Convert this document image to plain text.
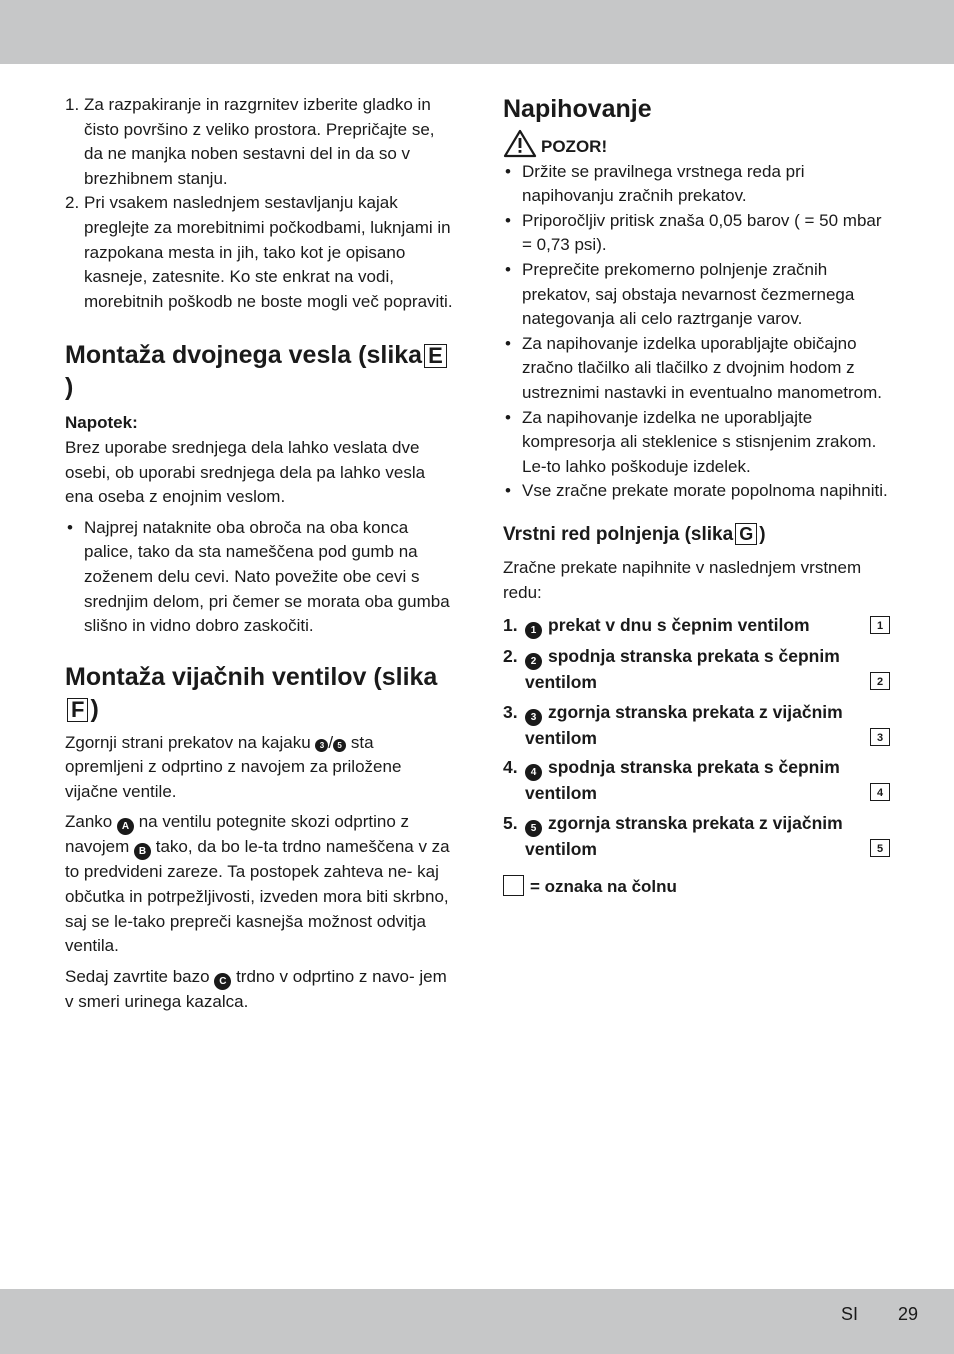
1. Za razpakiranje in razgrnitev izberite gladko in čisto površino z veliko prostora. Prepričajte se, da ne manjka noben sestavni del in da so v brezhibnem stanju.

2. Pri vsakem naslednjem sestavljanju kajak preglejte za morebitnimi počkodbami, luknjami in razpokana mesta in jih, tako kot je opisano kasneje, zatesnite. Ko ste enkrat na vodi, morebitnih poškodb ne boste mogli več popraviti.

Montaža dvojnega vesla (slika E)

Napotek:

Brez uporabe srednjega dela lahko veslata dve osebi, ob uporabi srednjega dela pa lahko vesla ena oseba z enojnim veslom.

• Najprej nataknite oba obroča na oba konca palice, tako da sta nameščena pod gumb na zoženem delu cevi. Nato povežite obe cevi s srednjim delom, pri čemer se morata oba gumba slišno in vidno dobro zaskočiti.

Montaža vijačnih ventilov (slikaF )

Zgornji strani prekatov na kajaku 3 / 5 sta opremljeni z odprtino z navojem za priložene vijačne ventile.

Zanko A na ventilu potegnite skozi odprtino z navojem B tako, da bo le-ta trdno nameščena v za to predvideni zareze. Ta postopek zahteva ne- kaj občutka in potrpežljivosti, izveden mora biti skrbno, saj se le-tako prepreči kasnejša možnost odvitja ventila.

Sedaj zavrtite bazo C trdno v odprtino z navo- jem v smeri urinega kazalca.

Napihovanje

POZOR!

• Držite se pravilnega vrstnega reda pri napihovanju zračnih prekatov.

• Priporočljiv pritisk znaša 0,05 barov ( = 50 mbar = 0,73 psi).

• Preprečite prekomerno polnjenje zračnih prekatov, saj obstaja nevarnost čezmernega nategovanja ali celo raztrganje varov.

• Za napihovanje izdelka uporabljajte običajno zračno tlačilko ali tlačilko z dvojnim hodom z ustreznimi nastavki in eventualno manometrom.

• Za napihovanje izdelka ne uporabljajte kompresorja ali steklenice s stisnjenim zrakom. Le-to lahko poškoduje izdelek.

• Vse zračne prekate morate popolnoma napihniti.

Vrstni red polnjenja (slika G )

Zračne prekate napihnite v naslednjem vrstnem redu:

1.	1 prekat v dnu s čepnim ventilom	1
2.	2 spodnja stranska prekata s čepnim ventilom	2
3.	3 zgornja stranska prekata z vijačnim ventilom	3
4.	4 spodnja stranska prekata s čepnim ventilom	4
5.	5 zgornja stranska prekata z vijačnim ventilom	5

= oznaka na čolnu

SI 29
